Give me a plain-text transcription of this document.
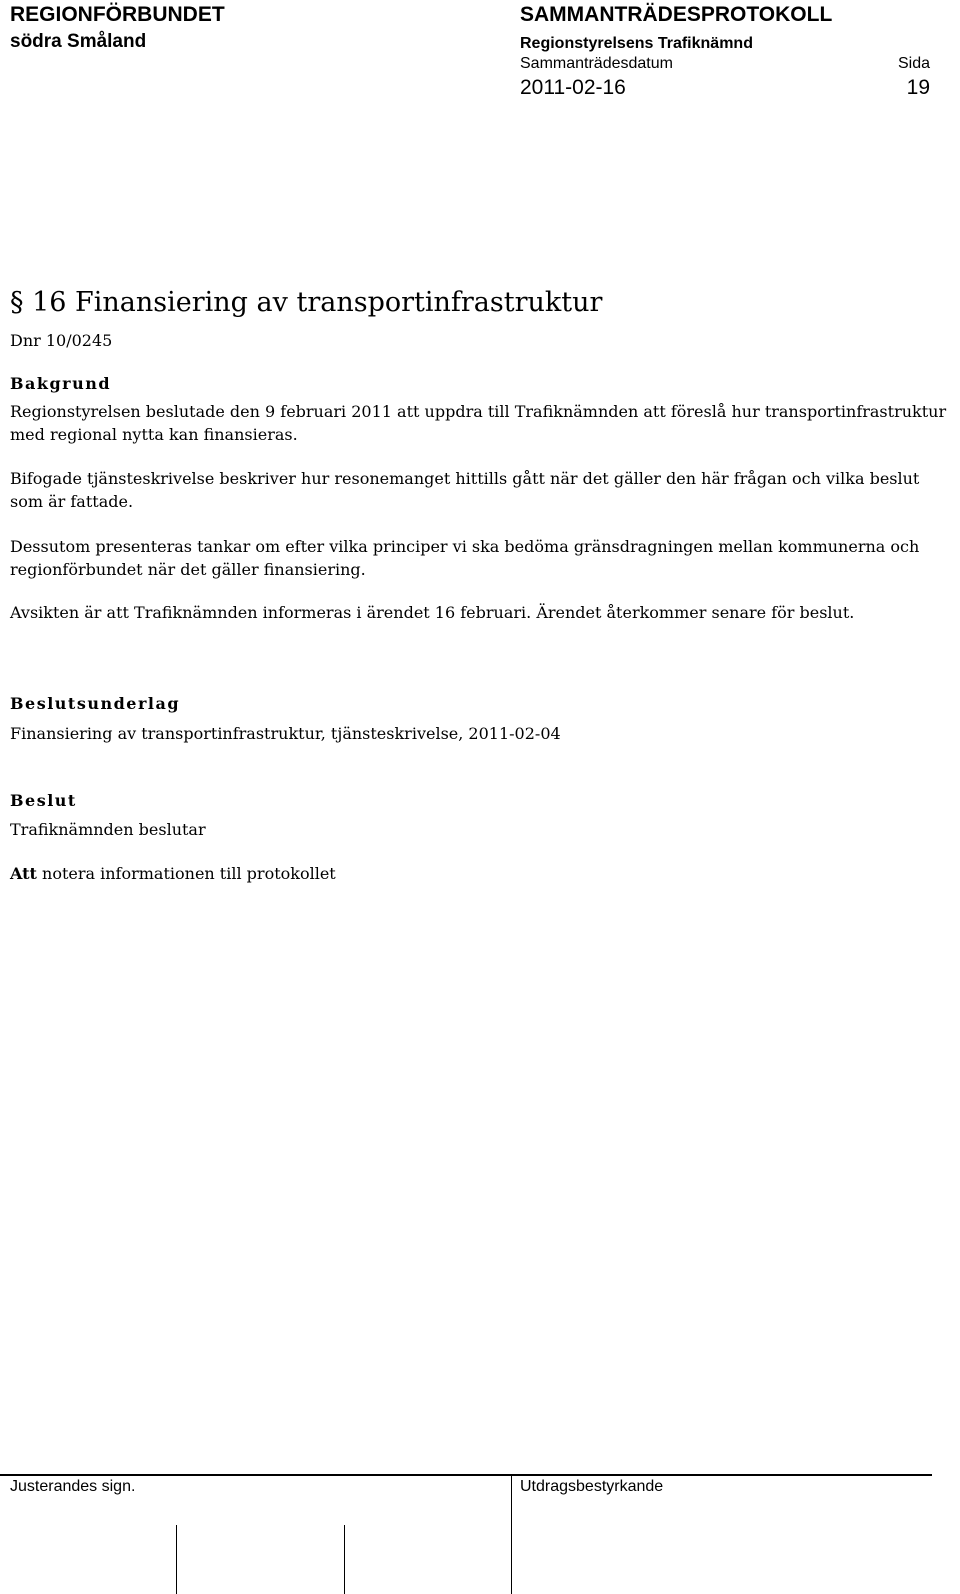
REGIONFÖRBUNDET
södra Småland
SAMMANTRÄDESPROTOKOLL
Regionstyrelsens Trafiknämnd
Sammanträdesdatum	Sida
2011-02-16	19
§ 16 Finansiering av transportinfrastruktur
Dnr 10/0245
Bakgrund
Regionstyrelsen beslutade den 9 februari 2011 att uppdra till Trafiknämnden att föreslå hur transportinfrastruktur med regional nytta kan finansieras.
Bifogade tjänsteskrivelse beskriver hur resonemanget hittills gått när det gäller den här frågan och vilka beslut som är fattade.
Dessutom presenteras tankar om efter vilka principer vi ska bedöma gränsdragningen mellan kommunerna och regionförbundet när det gäller finansiering.
Avsikten är att Trafiknämnden informeras i ärendet 16 februari. Ärendet återkommer senare för beslut.
Beslutsunderlag
Finansiering av transportinfrastruktur, tjänsteskrivelse, 2011-02-04
Beslut
Trafiknämnden beslutar
Att notera informationen till protokollet
Justerandes sign.	Utdragsbestyrkande
